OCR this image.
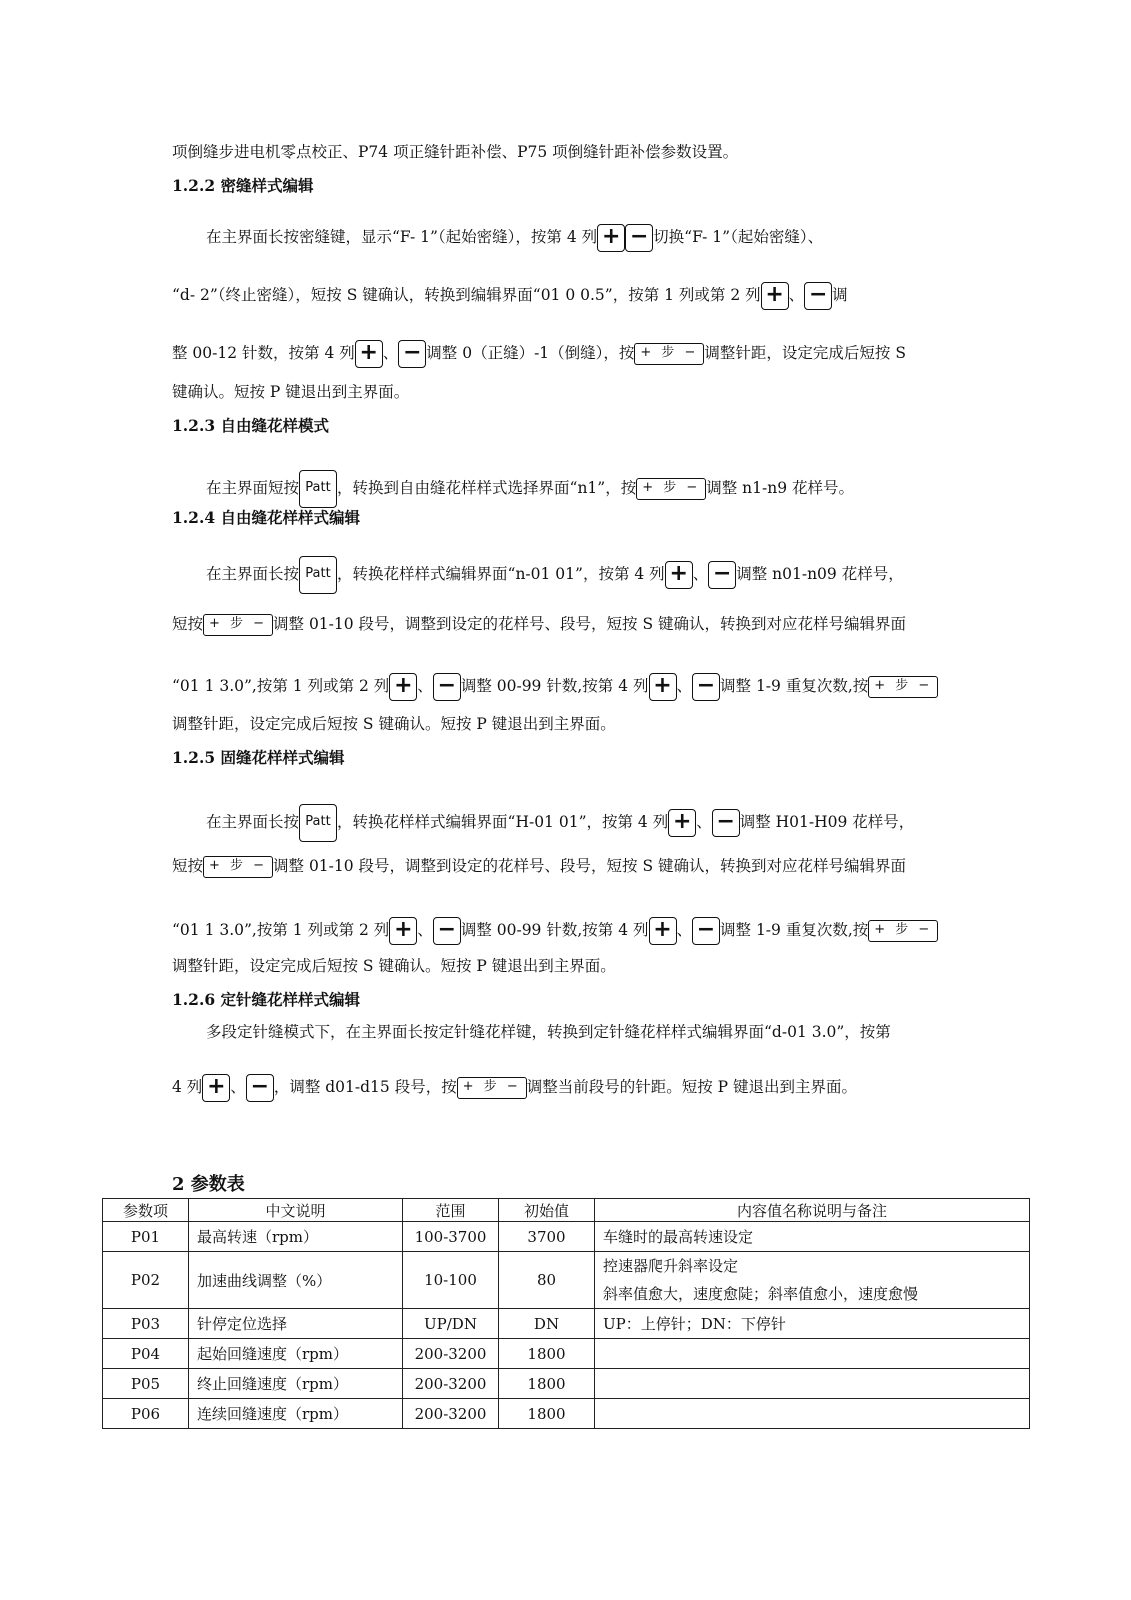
项倒缝步进电机零点校正、P74 项正缝针距补偿、P75 项倒缝针距补偿参数设置。
1.2.2 密缝样式编辑
在主界面长按密缝键，显示“F- 1”（起始密缝），按第 4 列 + − 切换“F- 1”（起始密缝）、
“d- 2”（终止密缝），短按 S 键确认，转换到编辑界面“01 0 0.5”，按第 1 列或第 2 列 + 、 − 调
整 00-12 针数，按第 4 列 + 、 − 调整 0（正缝）-1（倒缝），按 + 步 − 调整针距，设定完成后短按 S
键确认。短按 P 键退出到主界面。
1.2.3 自由缝花样模式
在主界面短按 Patt ，转换到自由缝花样样式选择界面“n1”，按 + 步 − 调整 n1-n9 花样号。
1.2.4 自由缝花样样式编辑
在主界面长按 Patt ，转换花样样式编辑界面“n-01 01”，按第 4 列 + 、 − 调整 n01-n09 花样号，
短按 + 步 − 调整 01-10 段号，调整到设定的花样号、段号，短按 S 键确认，转换到对应花样号编辑界面
“01 1 3.0”,按第 1 列或第 2 列 + 、 − 调整 00-99 针数,按第 4 列 + 、 − 调整 1-9 重复次数,按 + 步 −
调整针距，设定完成后短按 S 键确认。短按 P 键退出到主界面。
1.2.5 固缝花样样式编辑
在主界面长按 Patt ，转换花样样式编辑界面“H-01 01”，按第 4 列 + 、 − 调整 H01-H09 花样号，
短按 + 步 − 调整 01-10 段号，调整到设定的花样号、段号，短按 S 键确认，转换到对应花样号编辑界面
“01 1 3.0”,按第 1 列或第 2 列 + 、 − 调整 00-99 针数,按第 4 列 + 、 − 调整 1-9 重复次数,按 + 步 −
调整针距，设定完成后短按 S 键确认。短按 P 键退出到主界面。
1.2.6 定针缝花样样式编辑
多段定针缝模式下，在主界面长按定针缝花样键，转换到定针缝花样样式编辑界面“d-01 3.0”，按第
4 列 + 、 − ，调整 d01-d15 段号，按 + 步 − 调整当前段号的针距。短按 P 键退出到主界面。
2 参数表
参数项	中文说明	范围	初始值	内容值名称说明与备注
P01	最高转速（rpm）	100-3700	3700	车缝时的最高转速设定
P02	加速曲线调整（%）	10-100	80	控速器爬升斜率设定
斜率值愈大，速度愈陡；斜率值愈小，速度愈慢

P03	针停定位选择	UP/DN	DN	UP：上停针；DN：下停针
P04	起始回缝速度（rpm）	200-3200	1800	
P05	终止回缝速度（rpm）	200-3200	1800	
P06	连续回缝速度（rpm）	200-3200	1800	
